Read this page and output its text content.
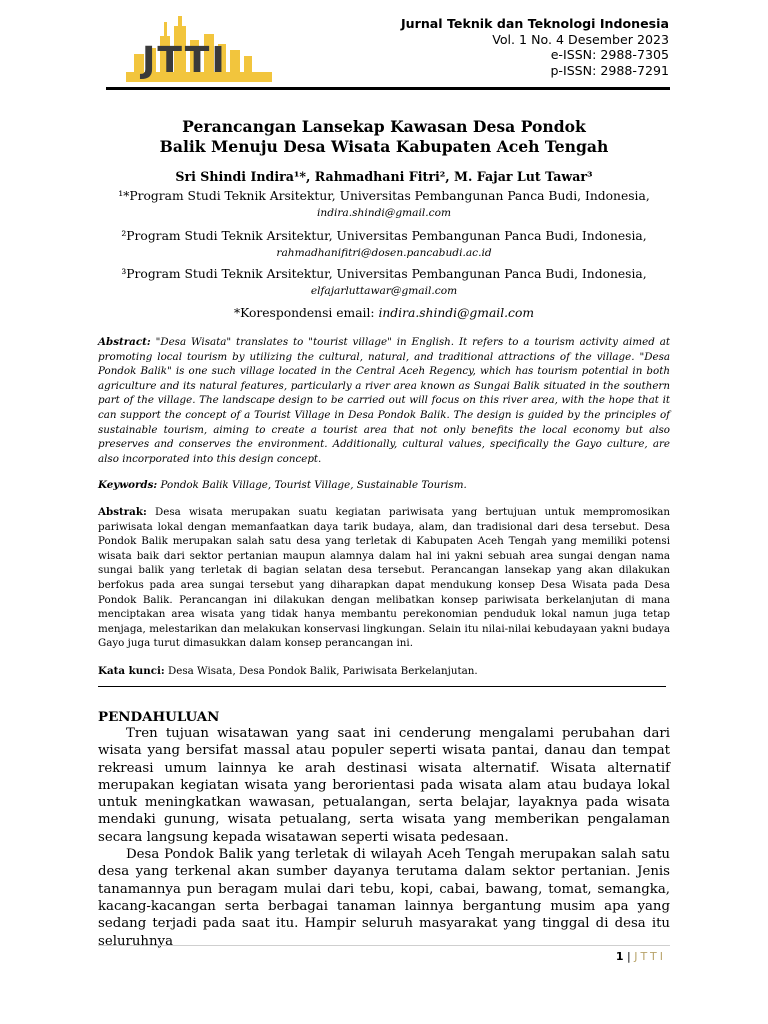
JTTI
Jurnal Teknik dan Teknologi Indonesia
Vol. 1 No. 4 Desember 2023
e-ISSN: 2988-7305
p-ISSN: 2988-7291
Perancangan Lansekap Kawasan Desa Pondok
Balik Menuju Desa Wisata Kabupaten Aceh Tengah
Sri Shindi Indira¹*, Rahmadhani Fitri², M. Fajar Lut Tawar³
¹*Program Studi Teknik Arsitektur, Universitas Pembangunan Panca Budi, Indonesia,
indira.shindi@gmail.com
²Program Studi Teknik Arsitektur, Universitas Pembangunan Panca Budi, Indonesia,
rahmadhanifitri@dosen.pancabudi.ac.id
³Program Studi Teknik Arsitektur, Universitas Pembangunan Panca Budi, Indonesia,
elfajarluttawar@gmail.com
*Korespondensi email: indira.shindi@gmail.com
Abstract: "Desa Wisata" translates to "tourist village" in English. It refers to a tourism activity aimed at promoting local tourism by utilizing the cultural, natural, and traditional attractions of the village. "Desa Pondok Balik" is one such village located in the Central Aceh Regency, which has tourism potential in both agriculture and its natural features, particularly a river area known as Sungai Balik situated in the southern part of the village. The landscape design to be carried out will focus on this river area, with the hope that it can support the concept of a Tourist Village in Desa Pondok Balik. The design is guided by the principles of sustainable tourism, aiming to create a tourist area that not only benefits the local economy but also preserves and conserves the environment. Additionally, cultural values, specifically the Gayo culture, are also incorporated into this design concept.
Keywords: Pondok Balik Village, Tourist Village, Sustainable Tourism.
Abstrak: Desa wisata merupakan suatu kegiatan pariwisata yang bertujuan untuk mempromosikan pariwisata lokal dengan memanfaatkan daya tarik budaya, alam, dan tradisional dari desa tersebut. Desa Pondok Balik merupakan salah satu desa yang terletak di Kabupaten Aceh Tengah yang memiliki potensi wisata baik dari sektor pertanian maupun alamnya dalam hal ini yakni sebuah area sungai dengan nama sungai balik yang terletak di bagian selatan desa tersebut. Perancangan lansekap yang akan dilakukan berfokus pada area sungai tersebut yang diharapkan dapat mendukung konsep Desa Wisata pada Desa Pondok Balik. Perancangan ini dilakukan dengan melibatkan konsep pariwisata berkelanjutan di mana menciptakan area wisata yang tidak hanya membantu perekonomian penduduk lokal namun juga tetap menjaga, melestarikan dan melakukan konservasi lingkungan. Selain itu nilai-nilai kebudayaan yakni budaya Gayo juga turut dimasukkan dalam konsep perancangan ini.
Kata kunci: Desa Wisata, Desa Pondok Balik, Pariwisata Berkelanjutan.
PENDAHULUAN

Tren tujuan wisatawan yang saat ini cenderung mengalami perubahan dari wisata yang bersifat massal atau populer seperti wisata pantai, danau dan tempat rekreasi umum lainnya ke arah destinasi wisata alternatif. Wisata alternatif merupakan kegiatan wisata yang berorientasi pada wisata alam atau budaya lokal untuk meningkatkan wawasan, petualangan, serta belajar, layaknya pada wisata mendaki gunung, wisata petualang, serta wisata yang memberikan pengalaman secara langsung kepada wisatawan seperti wisata pedesaan.

Desa Pondok Balik yang terletak di wilayah Aceh Tengah merupakan salah satu desa yang terkenal akan sumber dayanya terutama dalam sektor pertanian. Jenis tanamannya pun beragam mulai dari tebu, kopi, cabai, bawang, tomat, semangka, kacang-kacangan serta berbagai tanaman lainnya bergantung musim apa yang sedang terjadi pada saat itu. Hampir seluruh masyarakat yang tinggal di desa itu seluruhnya

1 | JTTI
